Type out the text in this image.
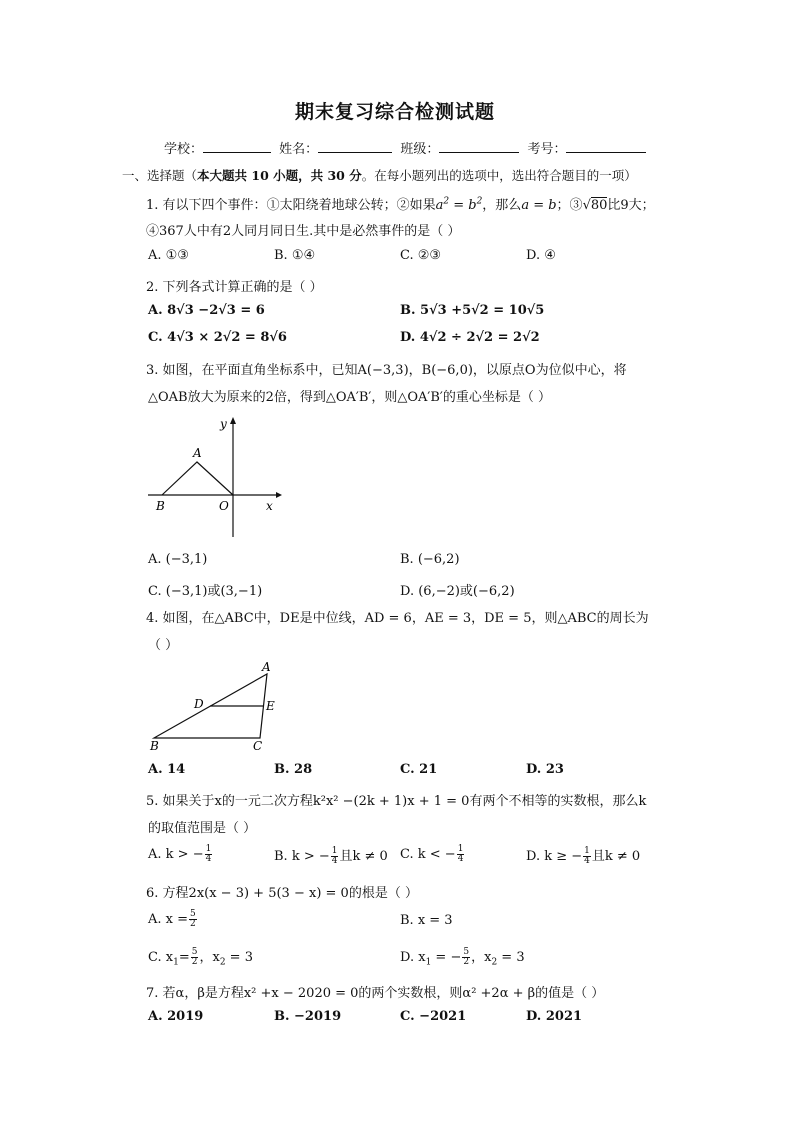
期末复习综合检测试题
学校：	姓名：	班级：	考号：
一、选择题（本大题共 10 小题，共 30 分。在每小题列出的选项中，选出符合题目的一项）
1. 有以下四个事件：①太阳绕着地球公转；②如果$a^2 = b^2$，那么a = b；③√80比9大；
④367人中有2人同月同日生.其中是必然事件的是（ ）
A. ①③	B. ①④	C. ②③	D. ④
2. 下列各式计算正确的是（ ）
A. 8√3 −2√3 = 6	B. 5√3 +5√2 = 10√5
C. 4√3 × 2√2 = 8√6	D. 4√2 ÷ 2√2 = 2√2
3. 如图，在平面直角坐标系中，已知A(−3,3)，B(−6,0)，以原点O为位似中心，将
△OAB放大为原来的2倍，得到△OA′B′，则△OA′B′的重心坐标是（ ）
A
B	O	x
y
A. (−3,1)	B. (−6,2)
C. (−3,1)或(3,−1)	D. (6,−2)或(−6,2)
4. 如图，在△ABC中，DE是中位线，AD = 6，AE = 3，DE = 5，则△ABC的周长为
（ ）
A
B	C
D	E
A. 14	B. 28	C. 21	D. 23
5. 如果关于x的一元二次方程k²x² −(2k + 1)x + 1 = 0有两个不相等的实数根，那么k
的取值范围是（ ）
A. k > − $\frac{1}{4}$	B. k > − $\frac{1}{4}$ 且k ≠ 0 C. k < − $\frac{1}{4}$	D. k ≥ − $\frac{1}{4}$ 且k ≠ 0
6. 方程2x(x − 3) + 5(3 − x) = 0的根是（ ）
A. $x = \frac{5}{2}$	B. x = 3
C. $x_1= \frac{5}{2}$ ，$x_2 = 3$	D. $x_1$ = − $\frac{5}{2}$ ，$x_2 = 3$
7. 若α，β是方程x² +x − 2020 = 0的两个实数根，则α² +2α + β的值是（ ）
A. 2019	B. −2019	C. −2021	D. 2021
